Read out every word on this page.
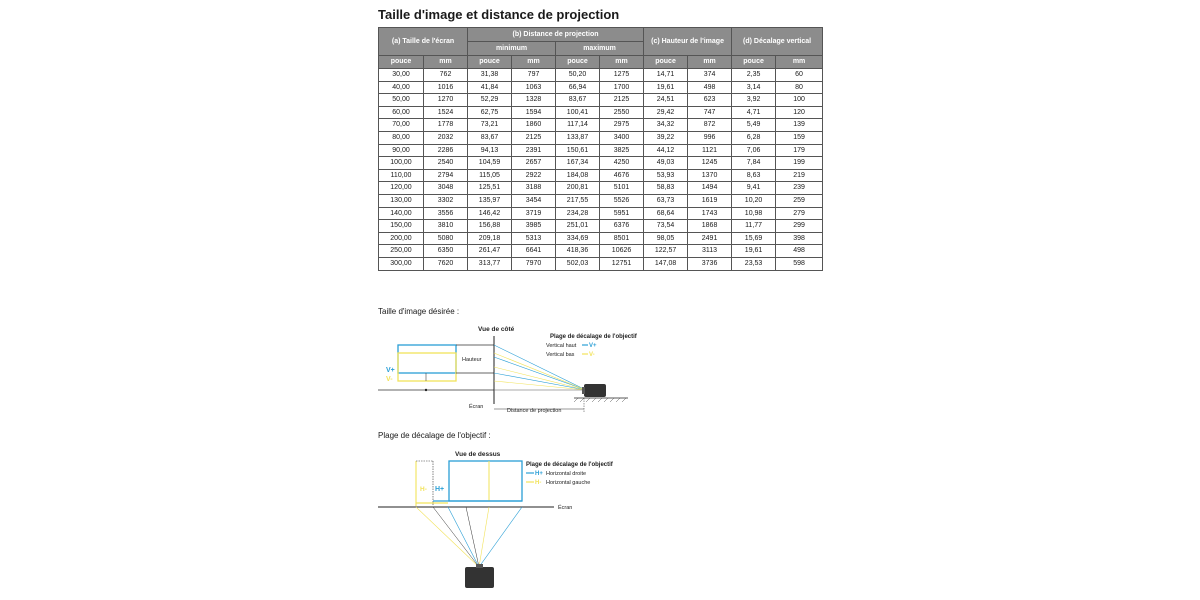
Taille d'image et distance de projection
(a) Taille de l'écran		(b) Distance de projection				(c) Hauteur de l'image		(d) Décalage vertical	
		minimum		maximum					
pouce	mm	pouce	mm	pouce	mm	pouce	mm	pouce	mm
30,00	762	31,38	797	50,20	1275	14,71	374	2,35	60
40,00	1016	41,84	1063	66,94	1700	19,61	498	3,14	80
50,00	1270	52,29	1328	83,67	2125	24,51	623	3,92	100
60,00	1524	62,75	1594	100,41	2550	29,42	747	4,71	120
70,00	1778	73,21	1860	117,14	2975	34,32	872	5,49	139
80,00	2032	83,67	2125	133,87	3400	39,22	996	6,28	159
90,00	2286	94,13	2391	150,61	3825	44,12	1121	7,06	179
100,00	2540	104,59	2657	167,34	4250	49,03	1245	7,84	199
110,00	2794	115,05	2922	184,08	4676	53,93	1370	8,63	219
120,00	3048	125,51	3188	200,81	5101	58,83	1494	9,41	239
130,00	3302	135,97	3454	217,55	5526	63,73	1619	10,20	259
140,00	3556	146,42	3719	234,28	5951	68,64	1743	10,98	279
150,00	3810	156,88	3985	251,01	6376	73,54	1868	11,77	299
200,00	5080	209,18	5313	334,69	8501	98,05	2491	15,69	398
250,00	6350	261,47	6641	418,36	10626	122,57	3113	19,61	498
300,00	7620	313,77	7970	502,03	12751	147,08	3736	23,53	598

Taille d'image désirée :

Vue de côté
Plage de décalage de l'objectif
Vertical haut V+
Vertical bas V-
Hauteur
V+
V-
Écran
Distance de projection

Plage de décalage de l'objectif :

Vue de dessus
Plage de décalage de l'objectif
H+ Horizontal droite
H- Horizontal gauche
H- H+
Écran
